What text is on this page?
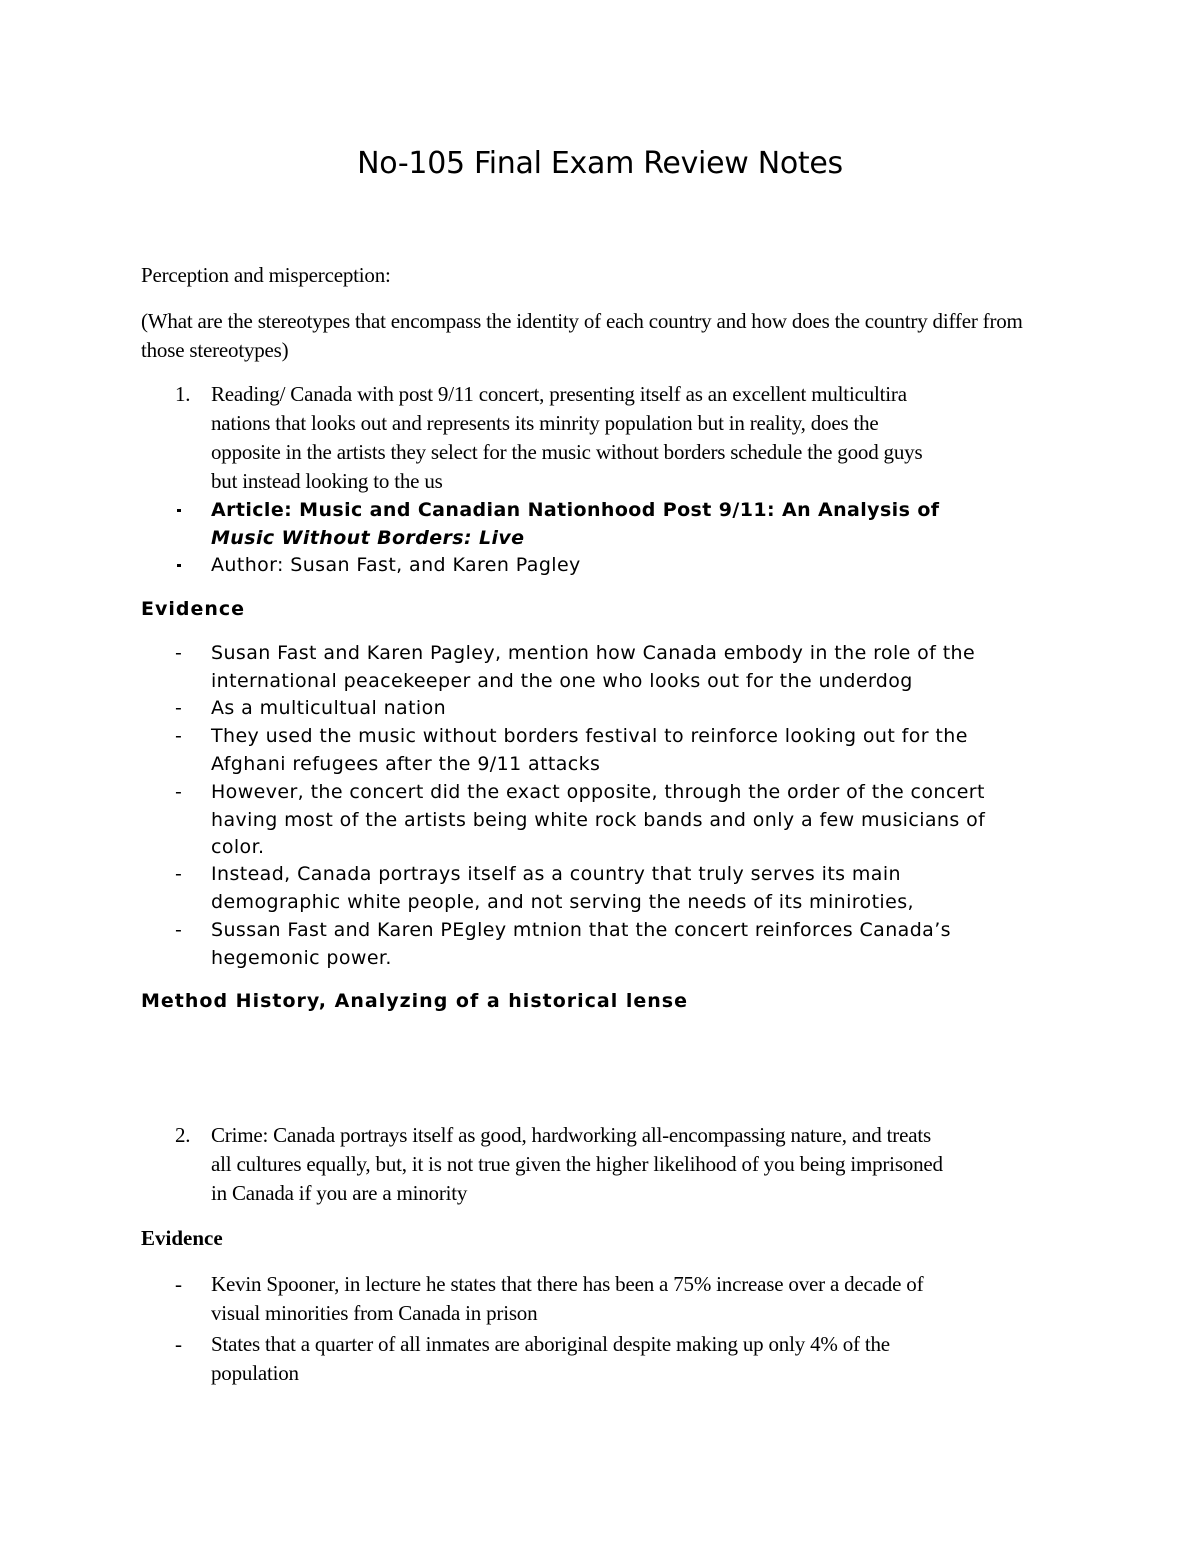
No-105 Final Exam Review Notes
Perception and misperception:
(What are the stereotypes that encompass the identity of each country and how does the country differ from those stereotypes)
1. Reading/ Canada with post 9/11 concert, presenting itself as an excellent multicultira
nations that looks out and represents its minrity population but in reality, does the
opposite in the artists they select for the music without borders schedule the good guys
but instead looking to the us
Article: Music and Canadian Nationhood Post 9/11: An Analysis of
Music Without Borders: Live
Author: Susan Fast, and Karen Pagley
Evidence
- Susan Fast and Karen Pagley, mention how Canada embody in the role of the
international peacekeeper and the one who looks out for the underdog
- As a multicultual nation
- They used the music without borders festival to reinforce looking out for the
Afghani refugees after the 9/11 attacks
- However, the concert did the exact opposite, through the order of the concert
having most of the artists being white rock bands and only a few musicians of
color.
- Instead, Canada portrays itself as a country that truly serves its main
demographic white people, and not serving the needs of its miniroties,
- Sussan Fast and Karen PEgley mtnion that the concert reinforces Canada’s
hegemonic power.
Method History, Analyzing of a historical lense
2. Crime: Canada portrays itself as good, hardworking all-encompassing nature, and treats
all cultures equally, but, it is not true given the higher likelihood of you being imprisoned
in Canada if you are a minority
Evidence
- Kevin Spooner, in lecture he states that there has been a 75% increase over a decade of
visual minorities from Canada in prison
- States that a quarter of all inmates are aboriginal despite making up only 4% of the
population
